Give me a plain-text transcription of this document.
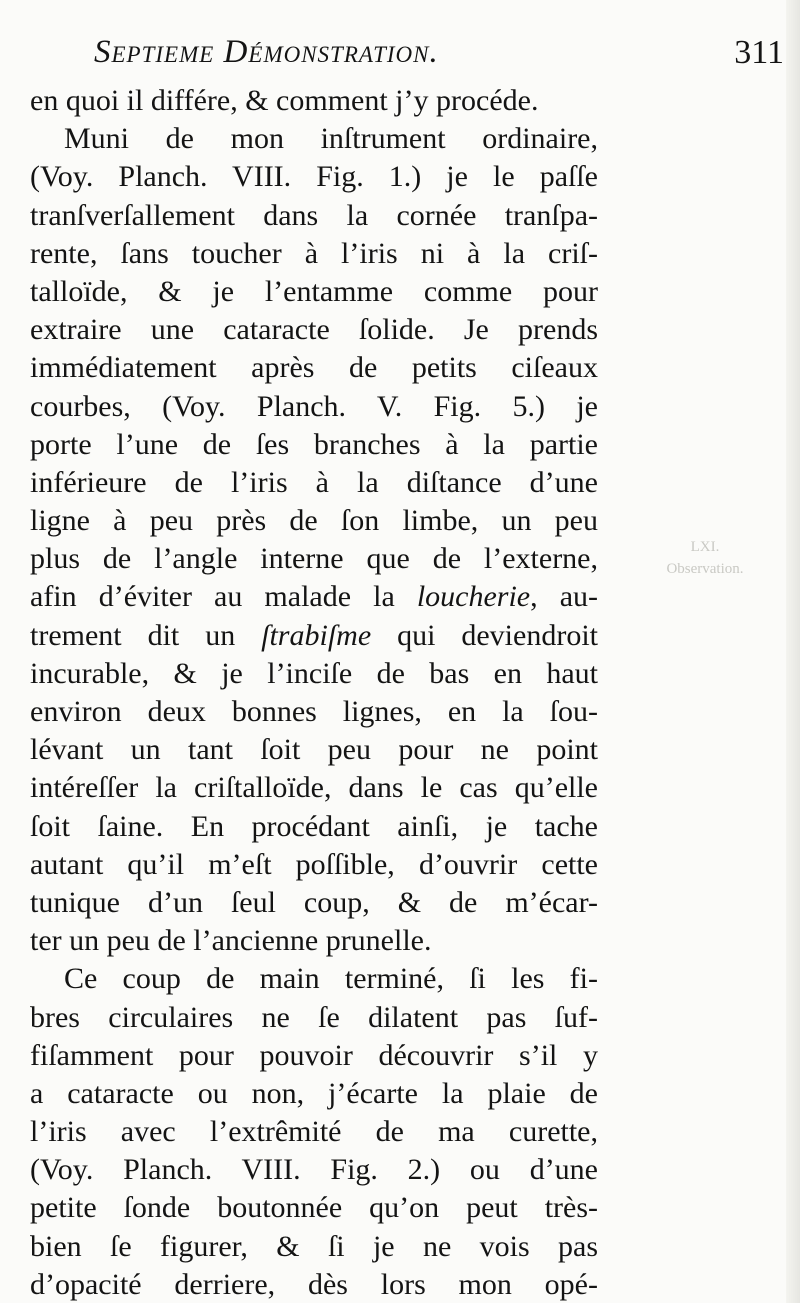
Septieme Démonstration.	311
LXI.
Observation.
en quoi il différe, & comment j’y procéde.
Muni de mon inſtrument ordinaire,
(Voy. Planch. VIII. Fig. 1.) je le paſſe
tranſverſallement dans la cornée tranſpa-
rente, ſans toucher à l’iris ni à la criſ-
talloïde, & je l’entamme comme pour
extraire une cataracte ſolide. Je prends
immédiatement après de petits ciſeaux
courbes, (Voy. Planch. V. Fig. 5.) je
porte l’une de ſes branches à la partie
inférieure de l’iris à la diſtance d’une
ligne à peu près de ſon limbe, un peu
plus de l’angle interne que de l’externe,
afin d’éviter au malade la loucherie, au-
trement dit un ſtrabiſme qui deviendroit
incurable, & je l’inciſe de bas en haut
environ deux bonnes lignes, en la ſou-
lévant un tant ſoit peu pour ne point
intéreſſer la criſtalloïde, dans le cas qu’elle
ſoit ſaine. En procédant ainſi, je tache
autant qu’il m’eſt poſſible, d’ouvrir cette
tunique d’un ſeul coup, & de m’écar-
ter un peu de l’ancienne prunelle.
Ce coup de main terminé, ſi les fi-
bres circulaires ne ſe dilatent pas ſuf-
fiſamment pour pouvoir découvrir s’il y
a cataracte ou non, j’écarte la plaie de
l’iris avec l’extrêmité de ma curette,
(Voy. Planch. VIII. Fig. 2.) ou d’une
petite ſonde boutonnée qu’on peut très-
bien ſe figurer, & ſi je ne vois pas
d’opacité derriere, dès lors mon opé-
